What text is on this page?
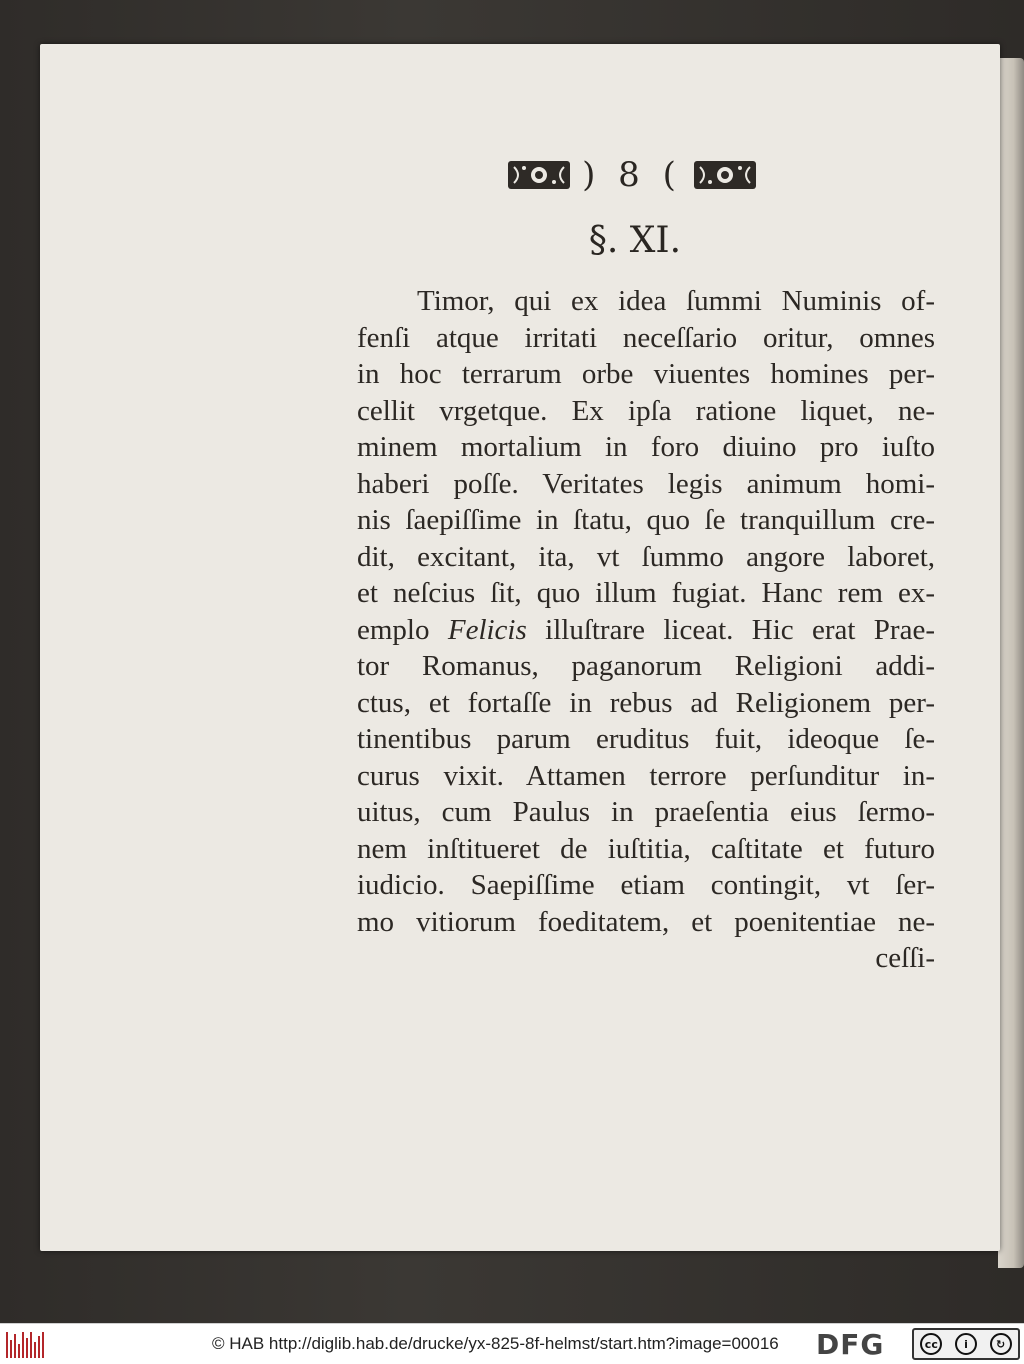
) 8 (
§. XI.
Timor, qui ex idea ſummi Numinis of-
fenſi atque irritati neceſſario oritur, omnes
in hoc terrarum orbe viuentes homines per-
cellit vrgetque. Ex ipſa ratione liquet, ne-
minem mortalium in foro diuino pro iuſto
haberi poſſe. Veritates legis animum homi-
nis ſaepiſſime in ſtatu, quo ſe tranquillum cre-
dit, excitant, ita, vt ſummo angore laboret,
et neſcius ſit, quo illum fugiat. Hanc rem ex-
emplo Felicis illuſtrare liceat. Hic erat Prae-
tor Romanus, paganorum Religioni addi-
ctus, et fortaſſe in rebus ad Religionem per-
tinentibus parum eruditus fuit, ideoque ſe-
curus vixit. Attamen terrore perſunditur in-
uitus, cum Paulus in praeſentia eius ſermo-
nem inſtitueret de iuſtitia, caſtitate et futuro
iudicio. Saepiſſime etiam contingit, vt ſer-
mo vitiorum foeditatem, et poenitentiae ne-
ceſſi-
© HAB http://diglib.hab.de/drucke/yx-825-8f-helmst/start.htm?image=00016 DFG	cc	i	↻
